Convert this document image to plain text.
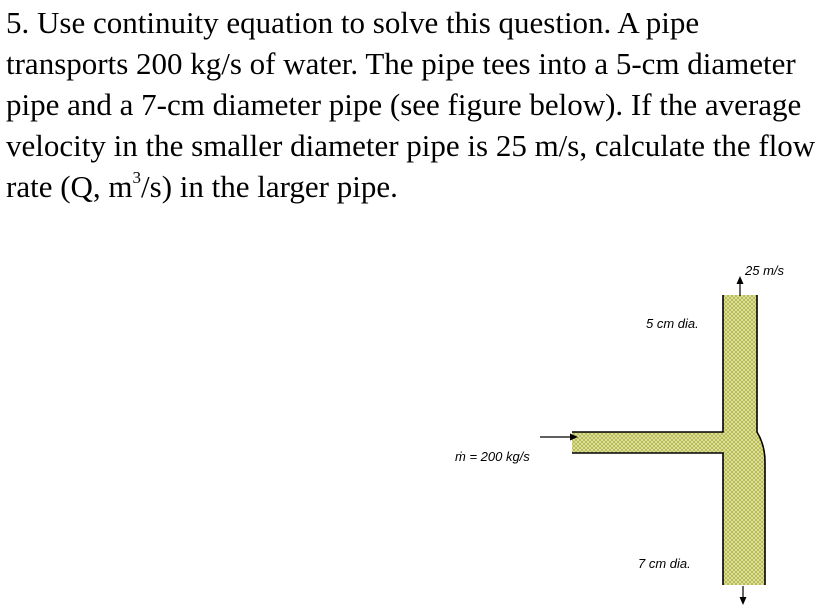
5. Use continuity equation to solve this question. A pipe transports 200 kg/s of water. The pipe tees into a 5-cm diameter pipe and a 7-cm diameter pipe (see figure below). If the average velocity in the smaller diameter pipe is 25 m/s, calculate the flow rate (Q, $m^3/s$) in the larger pipe.
25 m/s
5 cm dia.
ṁ = 200 kg/s
7 cm dia.
